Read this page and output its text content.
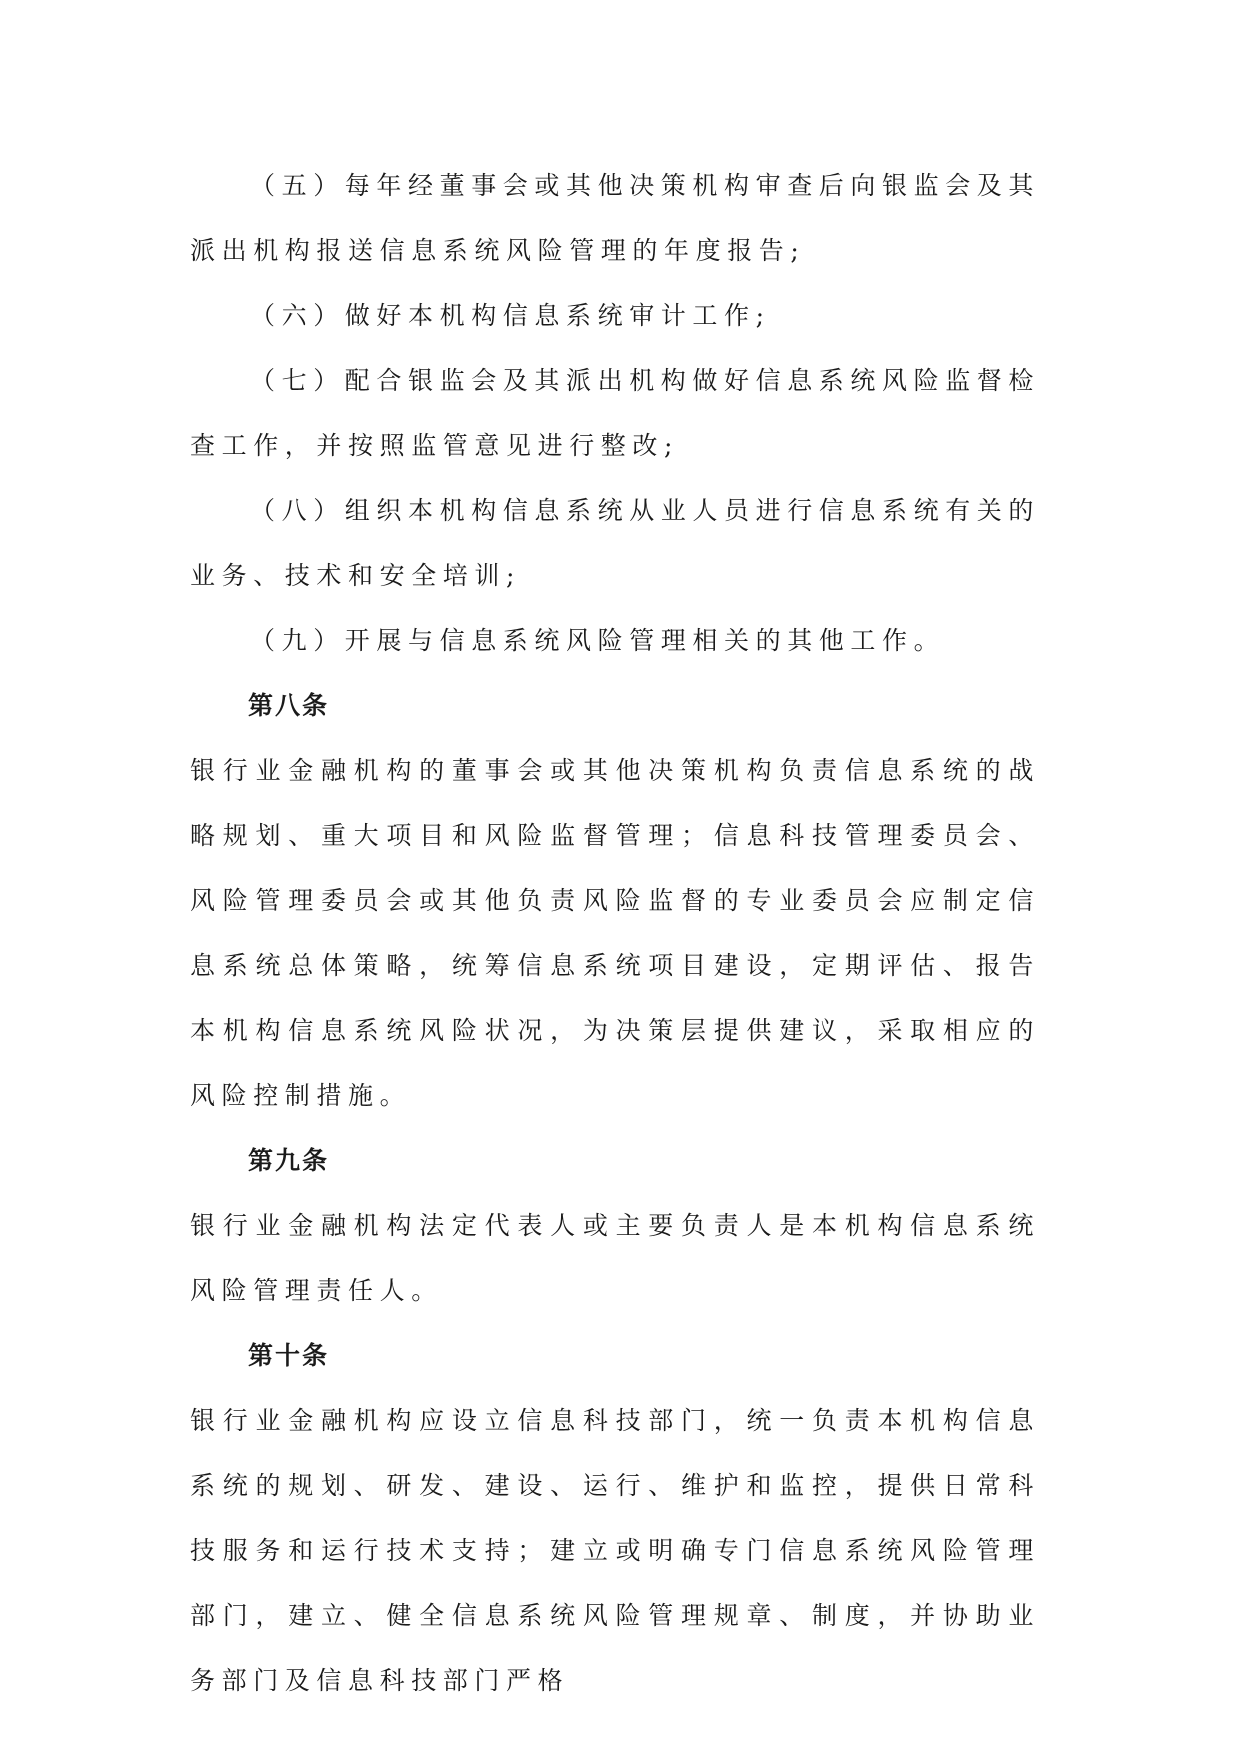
（五）每年经董事会或其他决策机构审查后向银监会及其派出机构报送信息系统风险管理的年度报告;

（六）做好本机构信息系统审计工作;

（七）配合银监会及其派出机构做好信息系统风险监督检查工作，并按照监管意见进行整改;

（八）组织本机构信息系统从业人员进行信息系统有关的业务、技术和安全培训;

（九）开展与信息系统风险管理相关的其他工作。

第八条

银行业金融机构的董事会或其他决策机构负责信息系统的战略规划、重大项目和风险监督管理；信息科技管理委员会、风险管理委员会或其他负责风险监督的专业委员会应制定信息系统总体策略，统筹信息系统项目建设，定期评估、报告本机构信息系统风险状况，为决策层提供建议，采取相应的风险控制措施。

第九条

银行业金融机构法定代表人或主要负责人是本机构信息系统风险管理责任人。

第十条

银行业金融机构应设立信息科技部门，统一负责本机构信息系统的规划、研发、建设、运行、维护和监控，提供日常科技服务和运行技术支持；建立或明确专门信息系统风险管理部门，建立、健全信息系统风险管理规章、制度，并协助业务部门及信息科技部门严格
